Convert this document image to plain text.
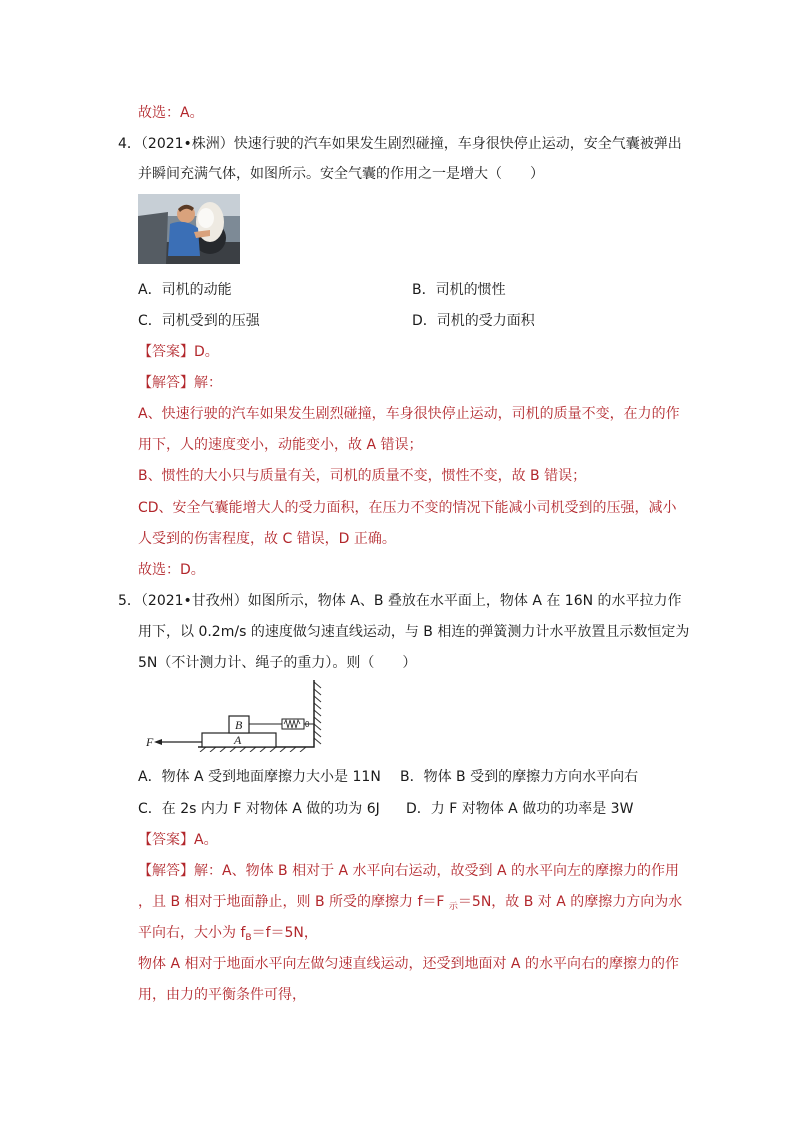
故选：A。
4．（2021•株洲）快速行驶的汽车如果发生剧烈碰撞，车身很快停止运动，安全气囊被弹出
并瞬间充满气体，如图所示。安全气囊的作用之一是增大（　　）
A．司机的动能	B．司机的惯性
C．司机受到的压强	D．司机的受力面积
【答案】D。
【解答】解：
A、快速行驶的汽车如果发生剧烈碰撞，车身很快停止运动，司机的质量不变，在力的作
用下，人的速度变小，动能变小，故 A 错误；
B、惯性的大小只与质量有关，司机的质量不变，惯性不变，故 B 错误；
CD、安全气囊能增大人的受力面积，在压力不变的情况下能减小司机受到的压强，减小
人受到的伤害程度，故 C 错误，D 正确。
故选：D。
5．（2021•甘孜州）如图所示，物体 A、B 叠放在水平面上，物体 A 在 16N 的水平拉力作
用下，以 0.2m/s 的速度做匀速直线运动，与 B 相连的弹簧测力计水平放置且示数恒定为
5N（不计测力计、绳子的重力）。则（　　）
B
A
F
0
A．物体 A 受到地面摩擦力大小是 11N B．物体 B 受到的摩擦力方向水平向右
C．在 2s 内力 F 对物体 A 做的功为 6J D．力 F 对物体 A 做功的功率是 3W
【答案】A。
【解答】解：A、物体 B 相对于 A 水平向右运动，故受到 A 的水平向左的摩擦力的作用
，且 B 相对于地面静止，则 B 所受的摩擦力 f＝F $_示$＝5N，故 B 对 A 的摩擦力方向为水
平向右，大小为 $f_B=f=5N$，
物体 A 相对于地面水平向左做匀速直线运动，还受到地面对 A 的水平向右的摩擦力的作
用，由力的平衡条件可得，
